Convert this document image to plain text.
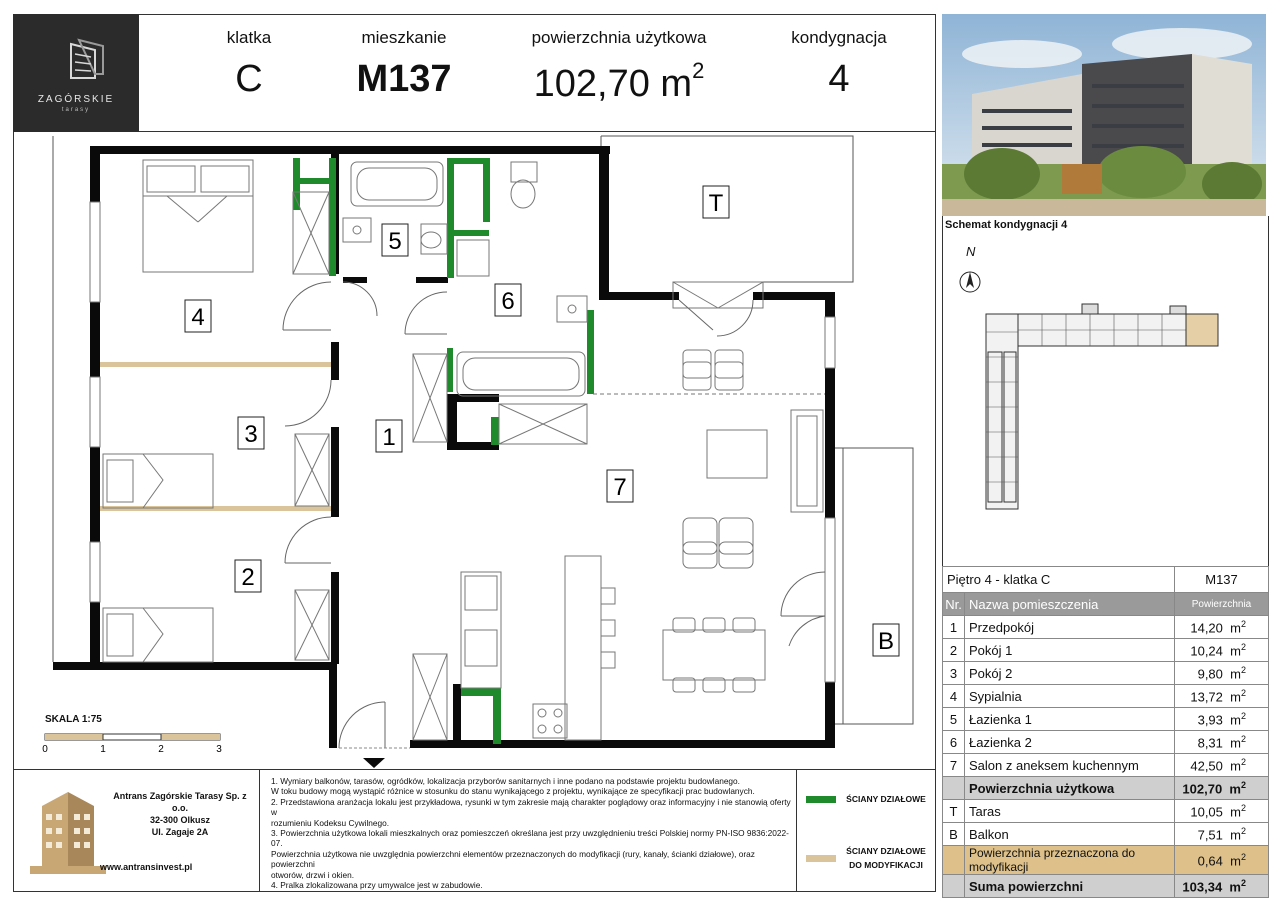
ZAGÓRSKIE
tarasy
klatka
C
mieszkanie
M137
powierzchnia użytkowa
102,70 $m^2$
kondygnacja
4
4
3
2
1
5
6
7
T
B
SKALA 1:75
0	1	2	3
Schemat kondygnacji 4
N
Piętro 4 - klatka C		M137
Nr.	Nazwa pomieszczenia	Powierzchnia
1	Przedpokój	14,20 $m^2$
2	Pokój 1	10,24 $m^2$
3	Pokój 2	9,80 $m^2$
4	Sypialnia	13,72 $m^2$
5	Łazienka 1	3,93 $m^2$
6	Łazienka 2	8,31 $m^2$
7	Salon z aneksem kuchennym	42,50 $m^2$
	Powierzchnia użytkowa	102,70 $m^2$
T	Taras	10,05 $m^2$
B	Balkon	7,51 $m^2$
	Powierzchnia przeznaczona do modyfikacji	0,64 $m^2$
	Suma powierzchni	103,34 $m^2$
Antrans Zagórskie Tarasy Sp. z o.o.
32-300 Olkusz
Ul. Zagaje 2A
www.antransinvest.pl

1. Wymiary balkonów, tarasów, ogródków, lokalizacja przyborów sanitarnych i inne podano na podstawie projektu budowlanego.

W toku budowy mogą wystąpić różnice w stosunku do stanu wynikającego z projektu, wynikające ze specyfikacji prac budowlanych.

2. Przedstawiona aranżacja lokalu jest przykładowa, rysunki w tym zakresie mają charakter poglądowy oraz informacyjny i nie stanowią oferty w

rozumieniu Kodeksu Cywilnego.

3. Powierzchnia użytkowa lokali mieszkalnych oraz pomieszczeń określana jest przy uwzględnieniu treści Polskiej normy PN-ISO 9836:2022-07.

Powierzchnia użytkowa nie uwzględnia powierzchni elementów przeznaczonych do modyfikacji (rury, kanały, ścianki działowe), oraz powierzchni

otworów, drzwi i okien.

4. Pralka zlokalizowana przy umywalce jest w zabudowie.

ŚCIANY DZIAŁOWE
ŚCIANY DZIAŁOWE
DO MODYFIKACJI
